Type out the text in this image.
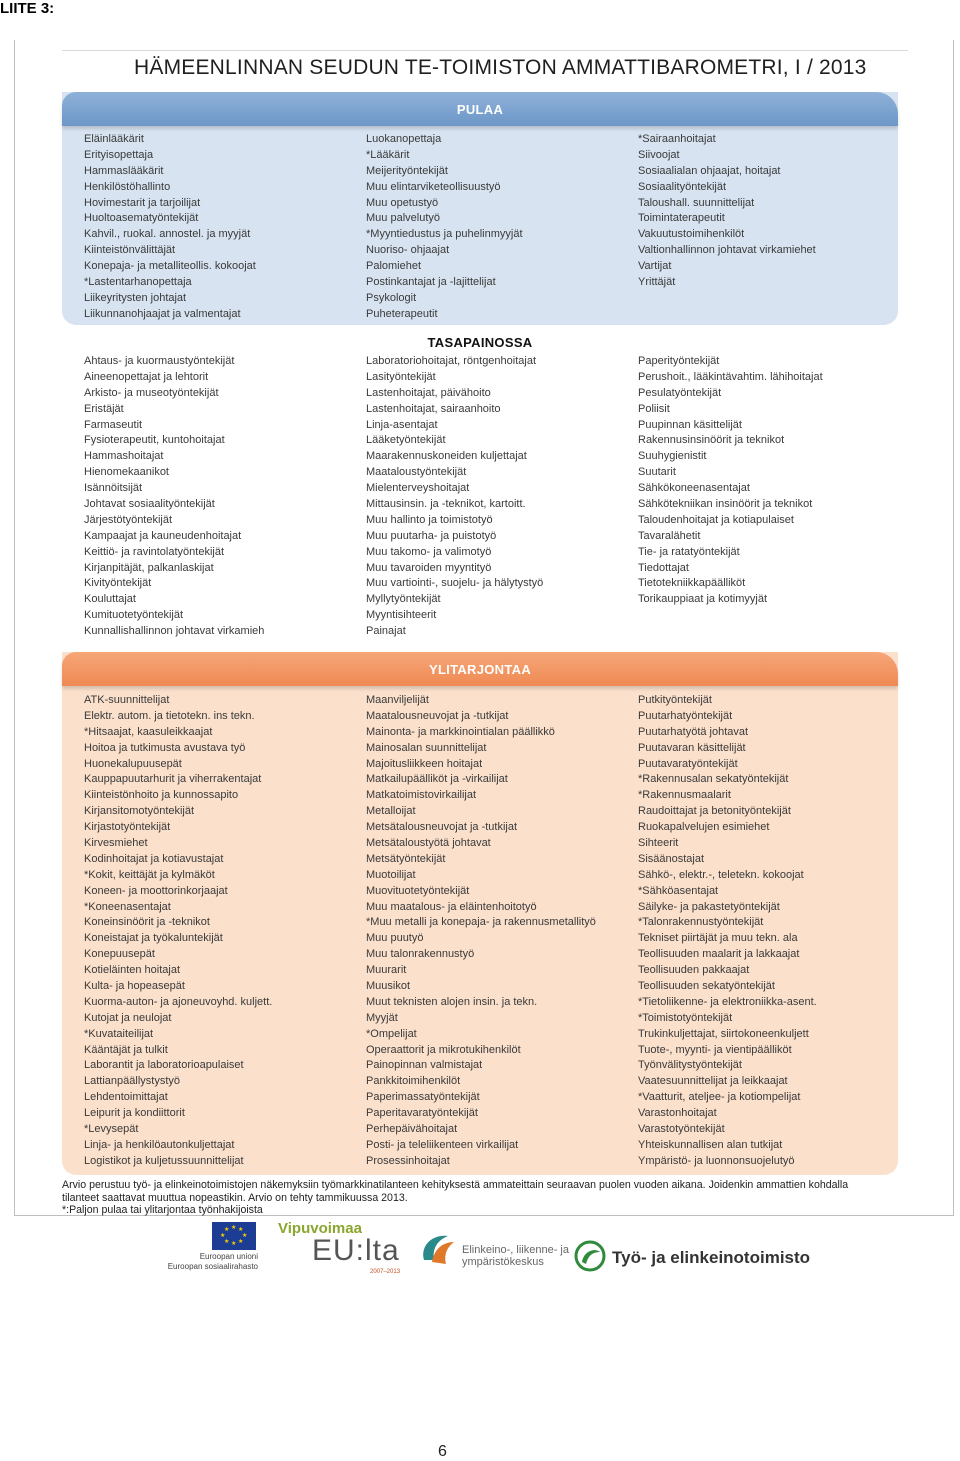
LIITE 3:
HÄMEENLINNAN SEUDUN TE-TOIMISTON AMMATTIBAROMETRI, I / 2013
PULAA
Eläinlääkärit
Erityisopettaja
Hammaslääkärit
Henkilöstöhallinto
Hovimestarit ja tarjoilijat
Huoltoasematyöntekijät
Kahvil., ruokal. annostel. ja myyjät
Kiinteistönvälittäjät
Konepaja- ja metalliteollis. kokoojat
*Lastentarhanopettaja
Liikeyritysten johtajat
Liikunnanohjaajat ja valmentajat
Luokanopettaja
*Lääkärit
Meijerityöntekijät
Muu elintarviketeollisuustyö
Muu opetustyö
Muu palvelutyö
*Myyntiedustus ja puhelinmyyjät
Nuoriso- ohjaajat
Palomiehet
Postinkantajat ja -lajittelijat
Psykologit
Puheterapeutit
*Sairaanhoitajat
Siivoojat
Sosiaalialan ohjaajat, hoitajat
Sosiaalityöntekijät
Taloushall. suunnittelijat
Toimintaterapeutit
Vakuutustoimihenkilöt
Valtionhallinnon johtavat virkamiehet
Vartijat
Yrittäjät
TASAPAINOSSA
Ahtaus- ja kuormaustyöntekijät
Aineenopettajat ja lehtorit
Arkisto- ja museotyöntekijät
Eristäjät
Farmaseutit
Fysioterapeutit, kuntohoitajat
Hammashoitajat
Hienomekaanikot
Isännöitsijät
Johtavat sosiaalityöntekijät
Järjestötyöntekijät
Kampaajat ja kauneudenhoitajat
Keittiö- ja ravintolatyöntekijät
Kirjanpitäjät, palkanlaskijat
Kivityöntekijät
Kouluttajat
Kumituotetyöntekijät
Kunnallishallinnon johtavat virkamieh
Laboratoriohoitajat, röntgenhoitajat
Lasityöntekijät
Lastenhoitajat, päivähoito
Lastenhoitajat, sairaanhoito
Linja-asentajat
Lääketyöntekijät
Maarakennuskoneiden kuljettajat
Maataloustyöntekijät
Mielenterveyshoitajat
Mittausinsin. ja -teknikot, kartoitt.
Muu hallinto ja toimistotyö
Muu puutarha- ja puistotyö
Muu takomo- ja valimotyö
Muu tavaroiden myyntityö
Muu vartiointi-, suojelu- ja hälytystyö
Myllytyöntekijät
Myyntisihteerit
Painajat
Paperityöntekijät
Perushoit., lääkintävahtim. lähihoitajat
Pesulatyöntekijät
Poliisit
Puupinnan käsittelijät
Rakennusinsinöörit ja teknikot
Suuhygienistit
Suutarit
Sähkökoneenasentajat
Sähkötekniikan insinöörit ja teknikot
Taloudenhoitajat ja kotiapulaiset
Tavaralähetit
Tie- ja ratatyöntekijät
Tiedottajat
Tietotekniikkapäälliköt
Torikauppiaat ja kotimyyjät
YLITARJONTAA
ATK-suunnittelijat
Elektr. autom. ja tietotekn. ins tekn.
*Hitsaajat, kaasuleikkaajat
Hoitoa ja tutkimusta avustava työ
Huonekalupuusepät
Kauppapuutarhurit ja viherrakentajat
Kiinteistönhoito ja kunnossapito
Kirjansitomotyöntekijät
Kirjastotyöntekijät
Kirvesmiehet
Kodinhoitajat ja kotiavustajat
*Kokit, keittäjät ja kylmäköt
Koneen- ja moottorinkorjaajat
*Koneenasentajat
Koneinsinöörit ja -teknikot
Koneistajat ja työkaluntekijät
Konepuusepät
Kotieläinten hoitajat
Kulta- ja hopeasepät
Kuorma-auton- ja ajoneuvoyhd. kuljett.
Kutojat ja neulojat
*Kuvataiteilijat
Kääntäjät ja tulkit
Laborantit ja laboratorioapulaiset
Lattianpäällystystyö
Lehdentoimittajat
Leipurit ja kondiittorit
*Levysepät
Linja- ja henkilöautonkuljettajat
Logistikot ja kuljetussuunnittelijat
Maanviljelijät
Maatalousneuvojat ja -tutkijat
Mainonta- ja markkinointialan päällikkö
Mainosalan suunnittelijat
Majoitusliikkeen hoitajat
Matkailupäälliköt ja -virkailijat
Matkatoimistovirkailijat
Metalloijat
Metsätalousneuvojat ja -tutkijat
Metsätaloustyötä johtavat
Metsätyöntekijät
Muotoilijat
Muovituotetyöntekijät
Muu maatalous- ja eläintenhoitotyö
*Muu metalli ja konepaja- ja rakennusmetallityö
Muu puutyö
Muu talonrakennustyö
Muurarit
Muusikot
Muut teknisten alojen insin. ja tekn.
Myyjät
*Ompelijat
Operaattorit ja mikrotukihenkilöt
Painopinnan valmistajat
Pankkitoimihenkilöt
Paperimassatyöntekijät
Paperitavaratyöntekijät
Perhepäivähoitajat
Posti- ja teleliikenteen virkailijat
Prosessinhoitajat
Putkityöntekijät
Puutarhatyöntekijät
Puutarhatyötä johtavat
Puutavaran käsittelijät
Puutavaratyöntekijät
*Rakennusalan sekatyöntekijät
*Rakennusmaalarit
Raudoittajat ja betonityöntekijät
Ruokapalvelujen esimiehet
Sihteerit
Sisäänostajat
Sähkö-, elektr.-, teletekn. kokoojat
*Sähköasentajat
Säilyke- ja pakastetyöntekijät
*Talonrakennustyöntekijät
Tekniset piirtäjät ja muu tekn. ala
Teollisuuden maalarit ja lakkaajat
Teollisuuden pakkaajat
Teollisuuden sekatyöntekijät
*Tietoliikenne- ja elektroniikka-asent.
*Toimistotyöntekijät
Trukinkuljettajat, siirtokoneenkuljett
Tuote-, myynti- ja vientipäälliköt
Työnvälitystyöntekijät
Vaatesuunnittelijat ja leikkaajat
*Vaatturit, ateljee- ja kotiompelijat
Varastonhoitajat
Varastotyöntekijät
Yhteiskunnallisen alan tutkijat
Ympäristö- ja luonnonsuojelutyö
Arvio perustuu työ- ja elinkeinotoimistojen näkemyksiin työmarkkinatilanteen kehityksestä ammateittain seuraavan puolen vuoden aikana. Joidenkin ammattien kohdalla
tilanteet saattavat muuttua nopeastikin. Arvio on tehty tammikuussa 2013.
*:Paljon pulaa tai ylitarjontaa työnhakijoista
★ ★
★
★
★
★
★
★
Euroopan unioni
Euroopan sosiaalirahasto
Vipuvoimaa
EU:lta
2007–2013
Elinkeino-, liikenne- ja
ympäristökeskus	Työ- ja elinkeinotoimisto
6
